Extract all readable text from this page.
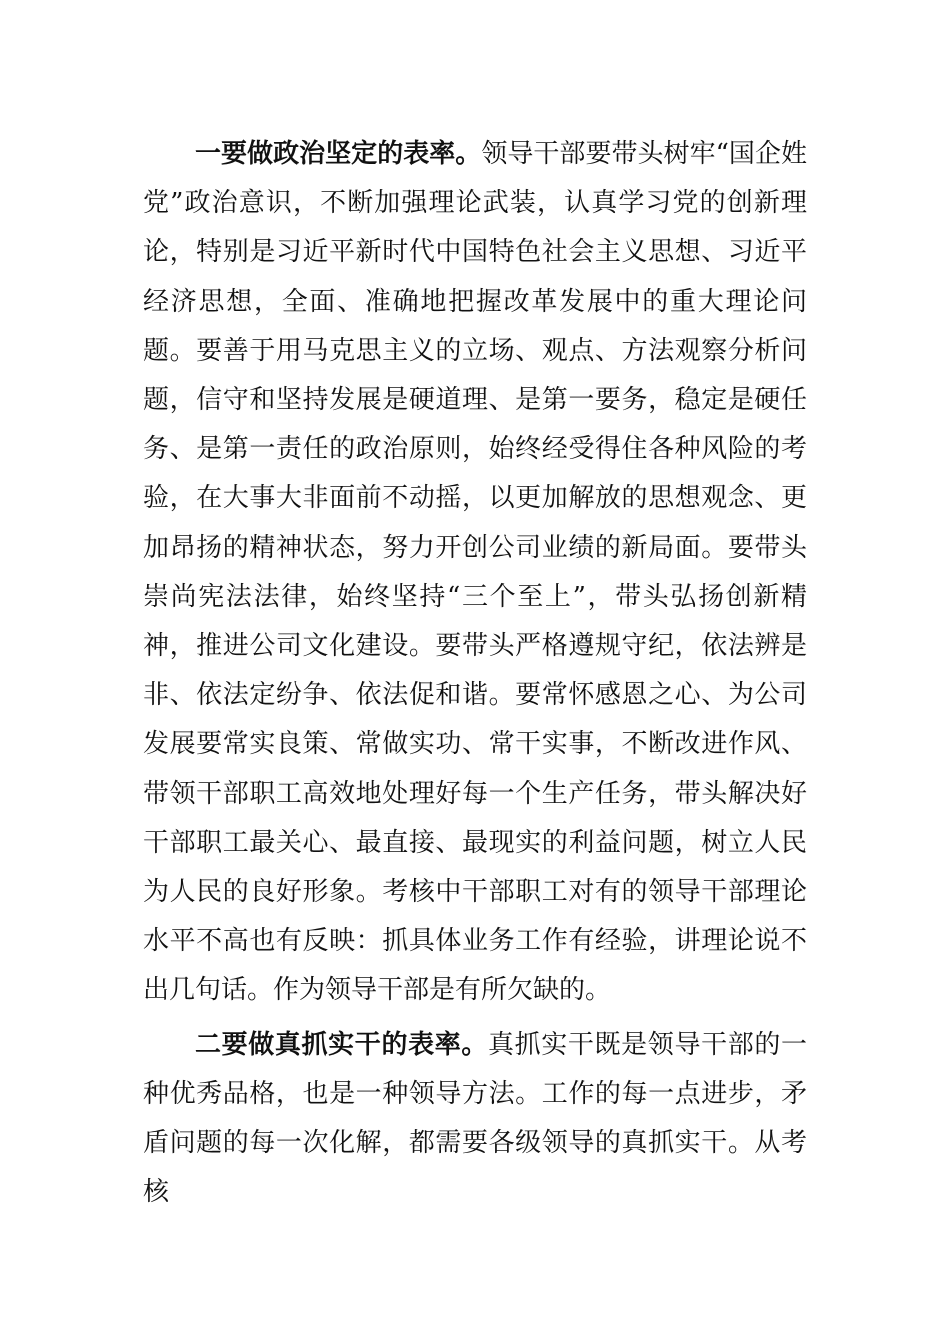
一要做政治坚定的表率。领导干部要带头树牢“国企姓党”政治意识，不断加强理论武装，认真学习党的创新理论，特别是习近平新时代中国特色社会主义思想、习近平经济思想，全面、准确地把握改革发展中的重大理论问题。要善于用马克思主义的立场、观点、方法观察分析问题，信守和坚持发展是硬道理、是第一要务，稳定是硬任务、是第一责任的政治原则，始终经受得住各种风险的考验，在大事大非面前不动摇，以更加解放的思想观念、更加昂扬的精神状态，努力开创公司业绩的新局面。要带头崇尚宪法法律，始终坚持“三个至上”，带头弘扬创新精神，推进公司文化建设。要带头严格遵规守纪，依法辨是非、依法定纷争、依法促和谐。要常怀感恩之心、为公司发展要常实良策、常做实功、常干实事，不断改进作风、带领干部职工高效地处理好每一个生产任务，带头解决好干部职工最关心、最直接、最现实的利益问题，树立人民为人民的良好形象。考核中干部职工对有的领导干部理论水平不高也有反映：抓具体业务工作有经验，讲理论说不出几句话。作为领导干部是有所欠缺的。

二要做真抓实干的表率。真抓实干既是领导干部的一种优秀品格，也是一种领导方法。工作的每一点进步，矛盾问题的每一次化解，都需要各级领导的真抓实干。从考核
